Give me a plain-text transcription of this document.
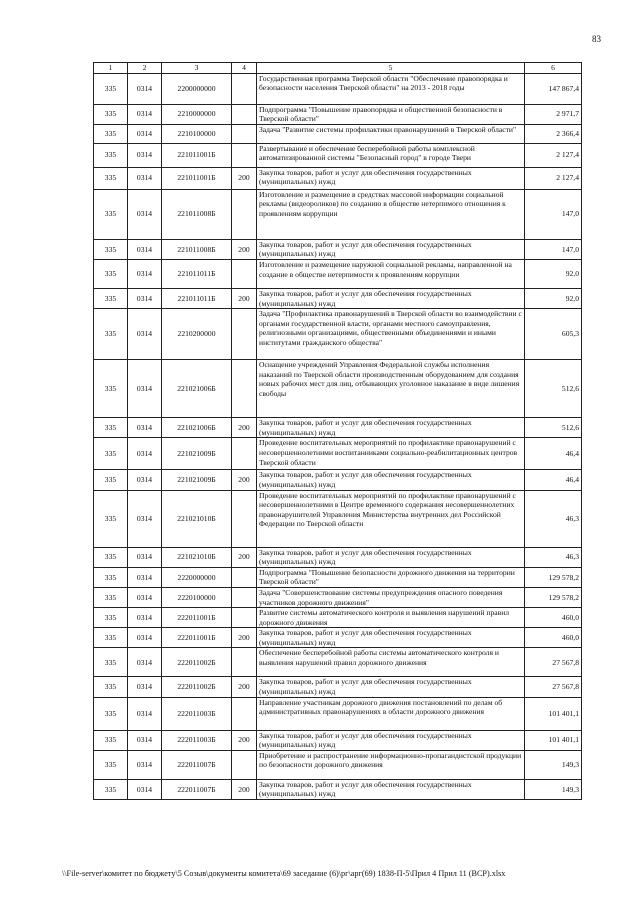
83
1	2	3	4	5	6
335	0314	2200000000		Государственная программа Тверской области "Обеспечение правопорядка и безопасности населения Тверской области" на 2013 - 2018 годы	147 867,4
335	0314	2210000000		Подпрограмма "Повышение правопорядка и общественной безопасности в Тверской области"	2 971,7
335	0314	2210100000		Задача "Развитие системы профилактики правонарушений в Тверской области"	2 366,4
335	0314	221011001Б		Развертывание и обеспечение бесперебойной работы комплексной автоматизированной системы "Безопасный город" в городе Твери	2 127,4
335	0314	221011001Б	200	Закупка товаров, работ и услуг для обеспечения государственных (муниципальных) нужд	2 127,4
335	0314	221011008Б		Изготовление и размещение в средствах массовой информации социальной рекламы (видеороликов) по созданию в обществе нетерпимого отношения к проявлениям коррупции	147,0
335	0314	221011008Б	200	Закупка товаров, работ и услуг для обеспечения государственных (муниципальных) нужд	147,0
335	0314	221011011Б		Изготовление и размещение наружной социальной рекламы, направленной на создание в обществе нетерпимости к проявлениям коррупции	92,0
335	0314	221011011Б	200	Закупка товаров, работ и услуг для обеспечения государственных (муниципальных) нужд	92,0
335	0314	2210200000		Задача "Профилактика правонарушений в Тверской области во взаимодействии с органами государственной власти, органами местного самоуправления, религиозными организациями, общественными объединениями и иными институтами гражданского общества"	605,3
335	0314	221021006Б		Оснащение учреждений Управления Федеральной службы исполнения наказаний по Тверской области производственным оборудованием для создания новых рабочих мест для лиц, отбывающих уголовное наказание в виде лишения свободы	512,6
335	0314	221021006Б	200	Закупка товаров, работ и услуг для обеспечения государственных (муниципальных) нужд	512,6
335	0314	221021009Б		Проведение воспитательных мероприятий по профилактике правонарушений с несовершеннолетними воспитанниками социально-реабилитационных центров Тверской области	46,4
335	0314	221021009Б	200	Закупка товаров, работ и услуг для обеспечения государственных (муниципальных) нужд	46,4
335	0314	221021010Б		Проведение воспитательных мероприятий по профилактике правонарушений с несовершеннолетними в Центре временного содержания несовершеннолетних правонарушителей Управления Министерства внутренних дел Российской Федерации по Тверской области	46,3
335	0314	221021010Б	200	Закупка товаров, работ и услуг для обеспечения государственных (муниципальных) нужд	46,3
335	0314	2220000000		Подпрограмма "Повышение безопасности дорожного движения на территории Тверской области"	129 578,2
335	0314	2220100000		Задача "Совершенствование системы предупреждения опасного поведения участников дорожного движения"	129 578,2
335	0314	222011001Б		Развитие системы автоматического контроля и выявления нарушений правил дорожного движения	460,0
335	0314	222011001Б	200	Закупка товаров, работ и услуг для обеспечения государственных (муниципальных) нужд	460,0
335	0314	222011002Б		Обеспечение бесперебойной работы системы автоматического контроля и выявления нарушений правил дорожного движения	27 567,8
335	0314	222011002Б	200	Закупка товаров, работ и услуг для обеспечения государственных (муниципальных) нужд	27 567,8
335	0314	222011003Б		Направление участникам дорожного движения постановлений по делам об административных правонарушениях в области дорожного движения	101 401,1
335	0314	222011003Б	200	Закупка товаров, работ и услуг для обеспечения государственных (муниципальных) нужд	101 401,1
335	0314	222011007Б		Приобретение и распространение информационно-пропагандистской продукции по безопасности дорожного движения	149,3
335	0314	222011007Б	200	Закупка товаров, работ и услуг для обеспечения государственных (муниципальных) нужд	149,3
\\File-server\комитет по бюджету\5 Созыв\документы комитета\69 заседание (6)\рг\арг(69) 1838-П-5\Прил 4 Прил 11 (ВСР).xlsx
